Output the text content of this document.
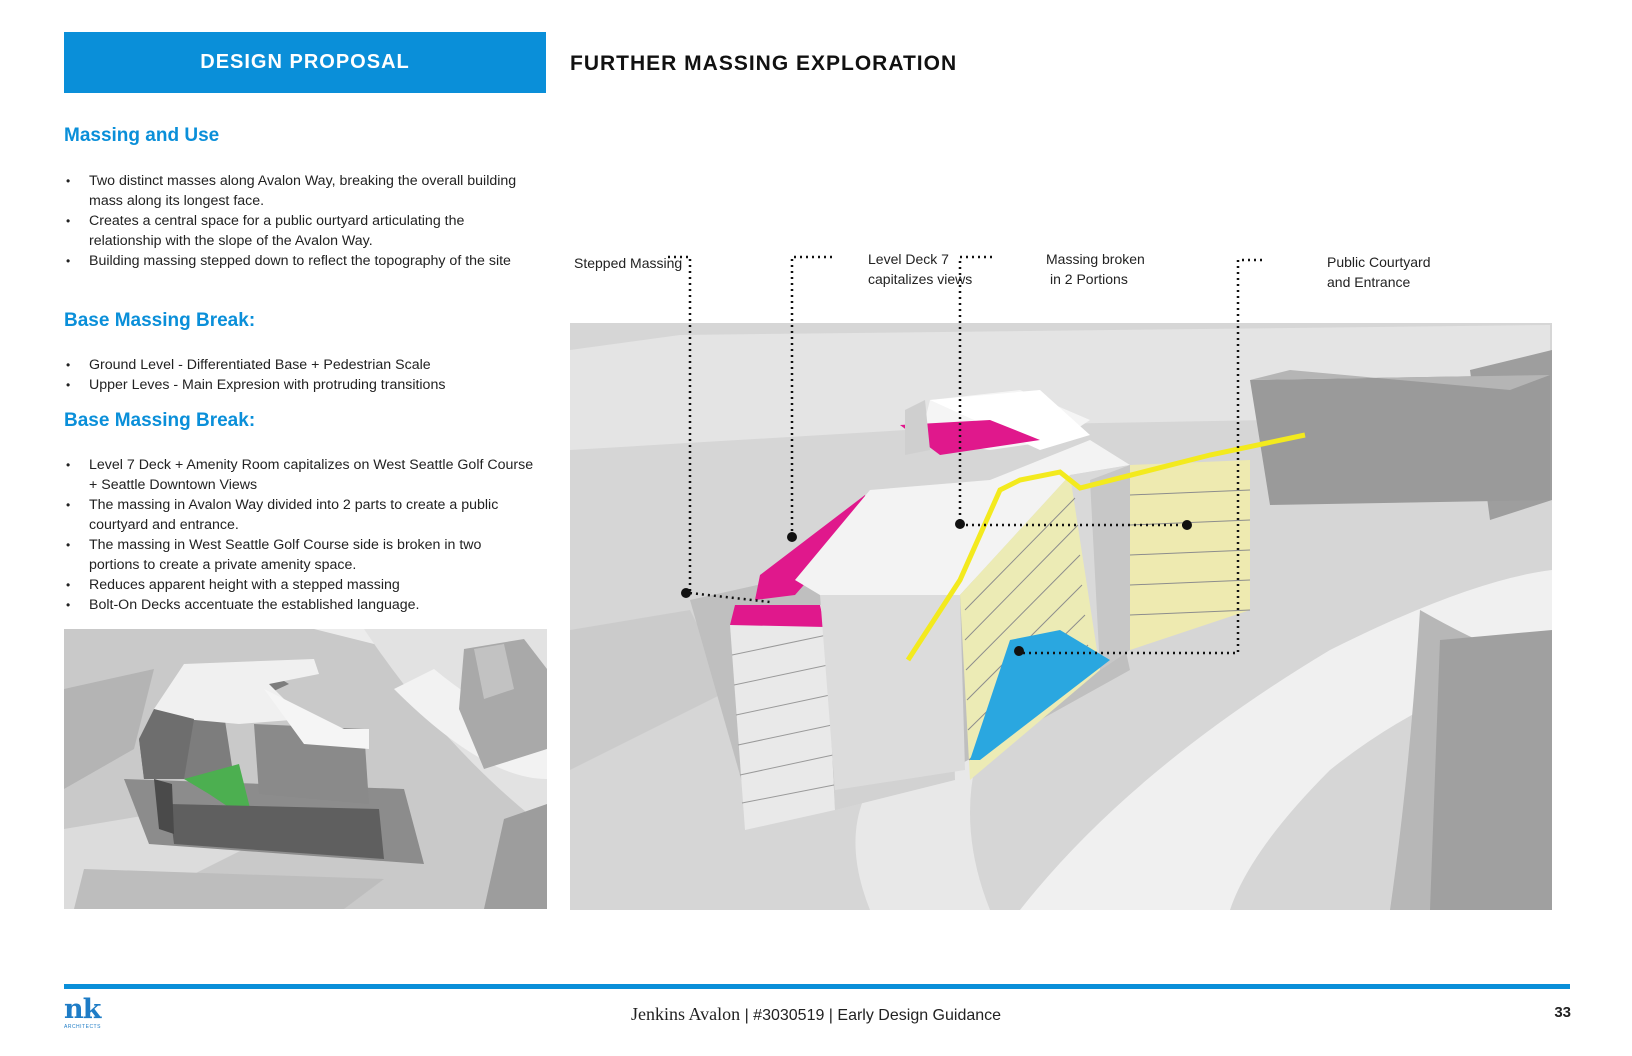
DESIGN PROPOSAL	FURTHER MASSING EXPLORATION
Massing and Use
• Two distinct masses along Avalon Way, breaking the overall building mass along its longest face.
• Creates a central space for a public ourtyard articulating the relationship with the slope of the Avalon Way.
• Building massing stepped down to reflect the topography of the site
Base Massing Break:
• Ground Level - Differentiated Base + Pedestrian Scale
• Upper Leves - Main Expresion with protruding transitions
Base Massing Break:
• Level 7 Deck + Amenity Room capitalizes on West Seattle Golf Course + Seattle Downtown Views
• The massing in Avalon Way divided into 2 parts to create a public courtyard and entrance.
• The massing in West Seattle Golf Course side is broken in two portions to create a private amenity space.
• Reduces apparent height with a stepped massing
• Bolt-On Decks accentuate the established language.
Stepped Massing	Level Deck 7
capitalizes views
Massing broken
in 2 Portions
Public Courtyard
and Entrance
nk
ARCHITECTS
Jenkins Avalon | #3030519 | Early Design Guidance	33
